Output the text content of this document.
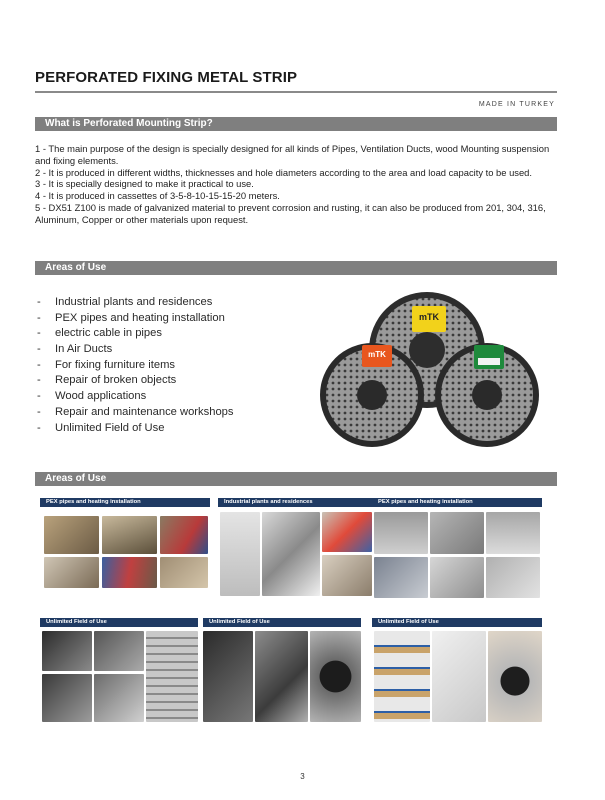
PERFORATED FIXING METAL STRIP
MADE IN TURKEY
What is Perforated Mounting Strip?

1 - The main purpose of the design is specially designed for all kinds of Pipes, Ventilation Ducts, wood Mounting suspension and fixing elements.

2 - It is produced in different widths, thicknesses and hole diameters according to the area and load capacity to be used.

3 - It is specially designed to make it practical to use.

4 - It is produced in cassettes of 3-5-8-10-15-15-20 meters.

5 - DX51 Z100 is made of galvanized material to prevent corrosion and rusting, it can also be produced from 201, 304, 316, Aluminum, Copper or other materials upon request.

Areas of Use
- Industrial plants and residences
- PEX pipes and heating installation
- electric cable in pipes
- In Air Ducts
- For fixing furniture items
- Repair of broken objects
- Wood applications
- Repair and maintenance workshops
- Unlimited Field of Use
mTK
mTK
Areas of Use
PEX pipes and heating installation	Industrial plants and residences	PEX pipes and heating installation
Unlimited Field of Use	Unlimited Field of Use	Unlimited Field of Use
3
